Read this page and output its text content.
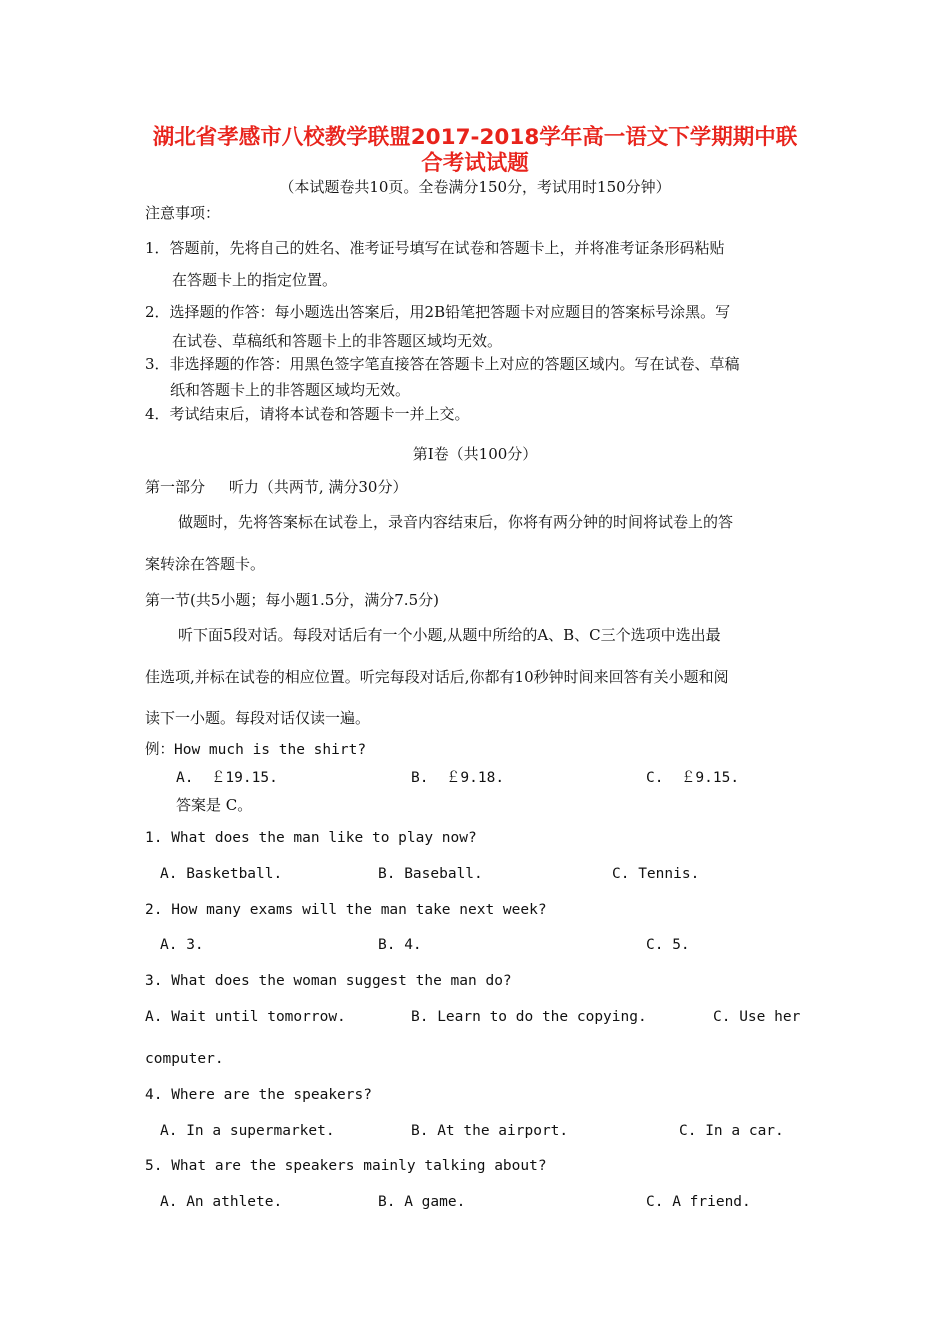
湖北省孝感市八校教学联盟2017-2018学年高一语文下学期期中联
合考试试题
（本试题卷共10页。全卷满分150分，考试用时150分钟）
注意事项：
1．答题前，先将自己的姓名、准考证号填写在试卷和答题卡上，并将准考证条形码粘贴
在答题卡上的指定位置。
2．选择题的作答：每小题选出答案后，用2B铅笔把答题卡对应题目的答案标号涂黑。写
在试卷、草稿纸和答题卡上的非答题区域均无效。
3．非选择题的作答：用黑色签字笔直接答在答题卡上对应的答题区域内。写在试卷、草稿
纸和答题卡上的非答题区域均无效。
4．考试结束后，请将本试卷和答题卡一并上交。
第I卷（共100分）
第一部分     听力（共两节, 满分30分）
做题时，先将答案标在试卷上，录音内容结束后，你将有两分钟的时间将试卷上的答
案转涂在答题卡。
第一节(共5小题；每小题1.5分，满分7.5分)
听下面5段对话。每段对话后有一个小题,从题中所给的A、B、C三个选项中选出最
佳选项,并标在试卷的相应位置。听完每段对话后,你都有10秒钟时间来回答有关小题和阅
读下一小题。每段对话仅读一遍。
例：How much is the shirt?
A.  ￡19.15.	B.  ￡9.18.	C.  ￡9.15.
答案是 C。
1. What does the man like to play now?
A. Basketball.	B. Baseball.	C. Tennis.
2. How many exams will the man take next week?
A. 3.	B. 4.	C. 5.
3. What does the woman suggest the man do?
A. Wait until tomorrow.	B. Learn to do the copying.	C. Use her
computer.
4. Where are the speakers?
A. In a supermarket.	B. At the airport.	C. In a car.
5. What are the speakers mainly talking about?
A. An athlete.	B. A game.	C. A friend.
